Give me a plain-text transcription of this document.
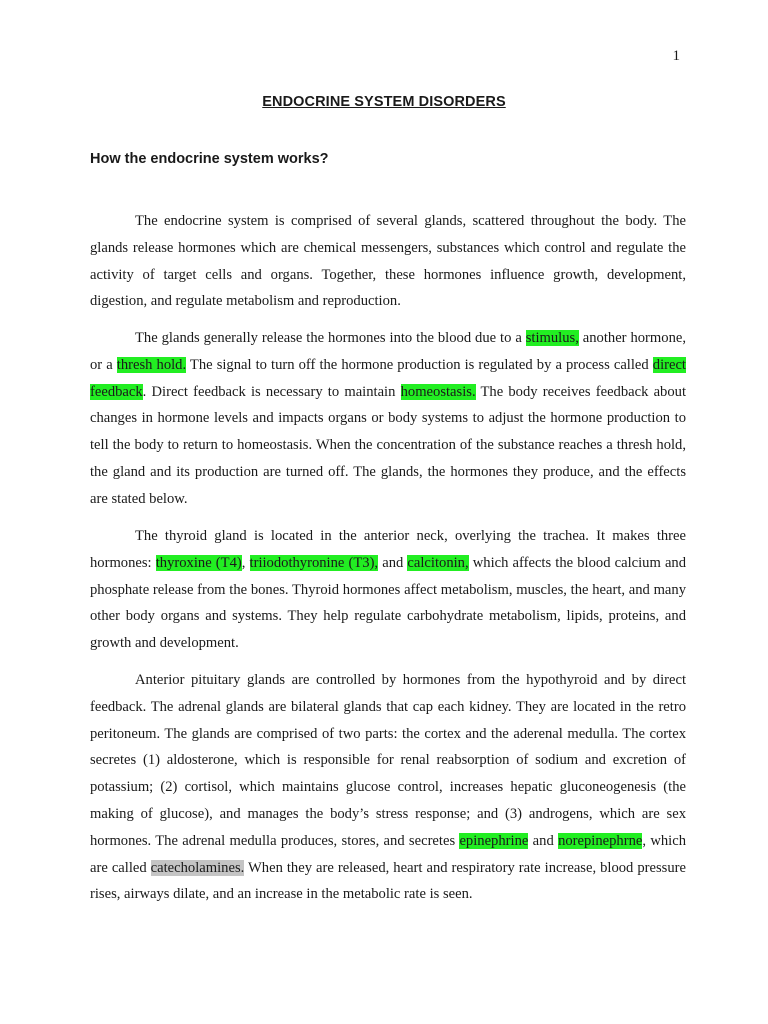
1
ENDOCRINE SYSTEM DISORDERS
How the endocrine system works?

The endocrine system is comprised of several glands, scattered throughout the body. The glands release hormones which are chemical messengers, substances which control and regulate the activity of target cells and organs. Together, these hormones influence growth, development, digestion, and regulate metabolism and reproduction.

The glands generally release the hormones into the blood due to a stimulus, another hormone, or a thresh hold. The signal to turn off the hormone production is regulated by a process called direct feedback. Direct feedback is necessary to maintain homeostasis. The body receives feedback about changes in hormone levels and impacts organs or body systems to adjust the hormone production to tell the body to return to homeostasis. When the concentration of the substance reaches a thresh hold, the gland and its production are turned off. The glands, the hormones they produce, and the effects are stated below.

The thyroid gland is located in the anterior neck, overlying the trachea. It makes three hormones: thyroxine (T4), triiodothyronine (T3), and calcitonin, which affects the blood calcium and phosphate release from the bones. Thyroid hormones affect metabolism, muscles, the heart, and many other body organs and systems. They help regulate carbohydrate metabolism, lipids, proteins, and growth and development.

Anterior pituitary glands are controlled by hormones from the hypothyroid and by direct feedback. The adrenal glands are bilateral glands that cap each kidney. They are located in the retro peritoneum. The glands are comprised of two parts: the cortex and the aderenal medulla. The cortex secretes (1) aldosterone, which is responsible for renal reabsorption of sodium and excretion of potassium; (2) cortisol, which maintains glucose control, increases hepatic gluconeogenesis (the making of glucose), and manages the body’s stress response; and (3) androgens, which are sex hormones. The adrenal medulla produces, stores, and secretes epinephrine and norepinephrne, which are called catecholamines. When they are released, heart and respiratory rate increase, blood pressure rises, airways dilate, and an increase in the metabolic rate is seen.
